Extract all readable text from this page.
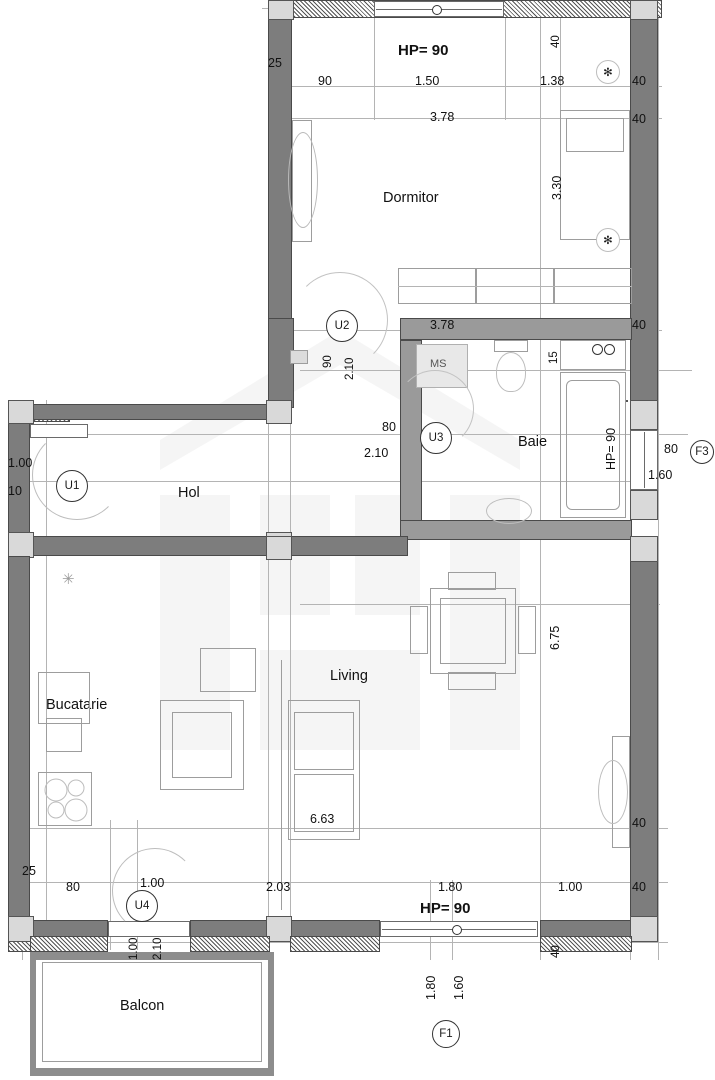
✻
✻
Dormitor
Baie
MS
Hol
Bucatarie
✳
Living
Balcon
HP= 90
25
90	1.50	1.38	40
3.78	40
3.30
3.78	40
15
U2
90 2.10
U3
80
2.10
U1
1.00
10
HP= 90	80
1.60
F3
6.75
6.63	40
25
80	1.00	2.03	1.80	1.00	40
U4
1.00 2.10
HP= 90
1.80 1.60
F1
40
40
